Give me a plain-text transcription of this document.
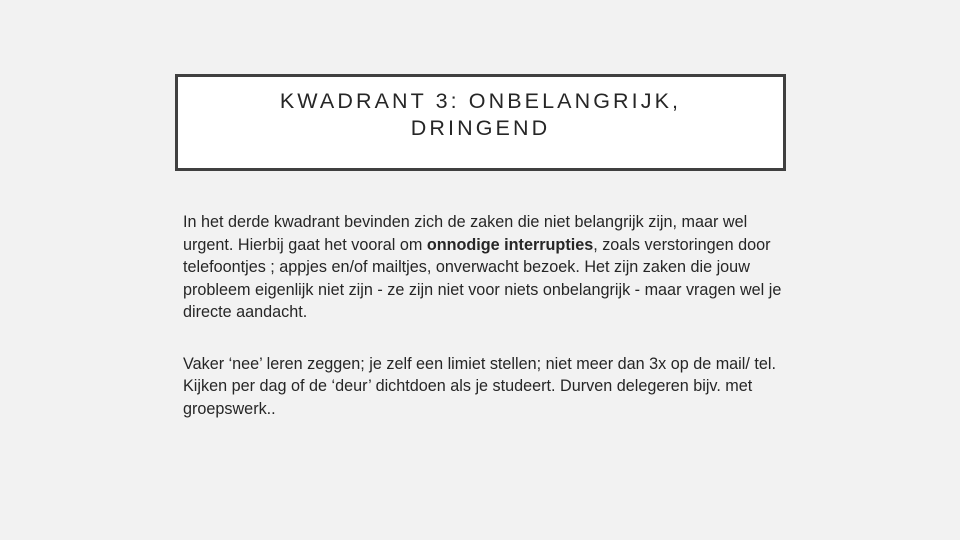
KWADRANT 3: ONBELANGRIJK,
DRINGEND

In het derde kwadrant bevinden zich de zaken die niet belangrijk zijn, maar wel urgent. Hierbij gaat het vooral om onnodige interrupties, zoals verstoringen door telefoontjes ; appjes en/of mailtjes, onverwacht bezoek. Het zijn zaken die jouw probleem eigenlijk niet zijn - ze zijn niet voor niets onbelangrijk - maar vragen wel je directe aandacht.

Vaker ‘nee’ leren zeggen; je zelf een limiet stellen; niet meer dan 3x op de mail/ tel. Kijken per dag of de ‘deur’ dichtdoen als je studeert. Durven delegeren bijv. met groepswerk..
